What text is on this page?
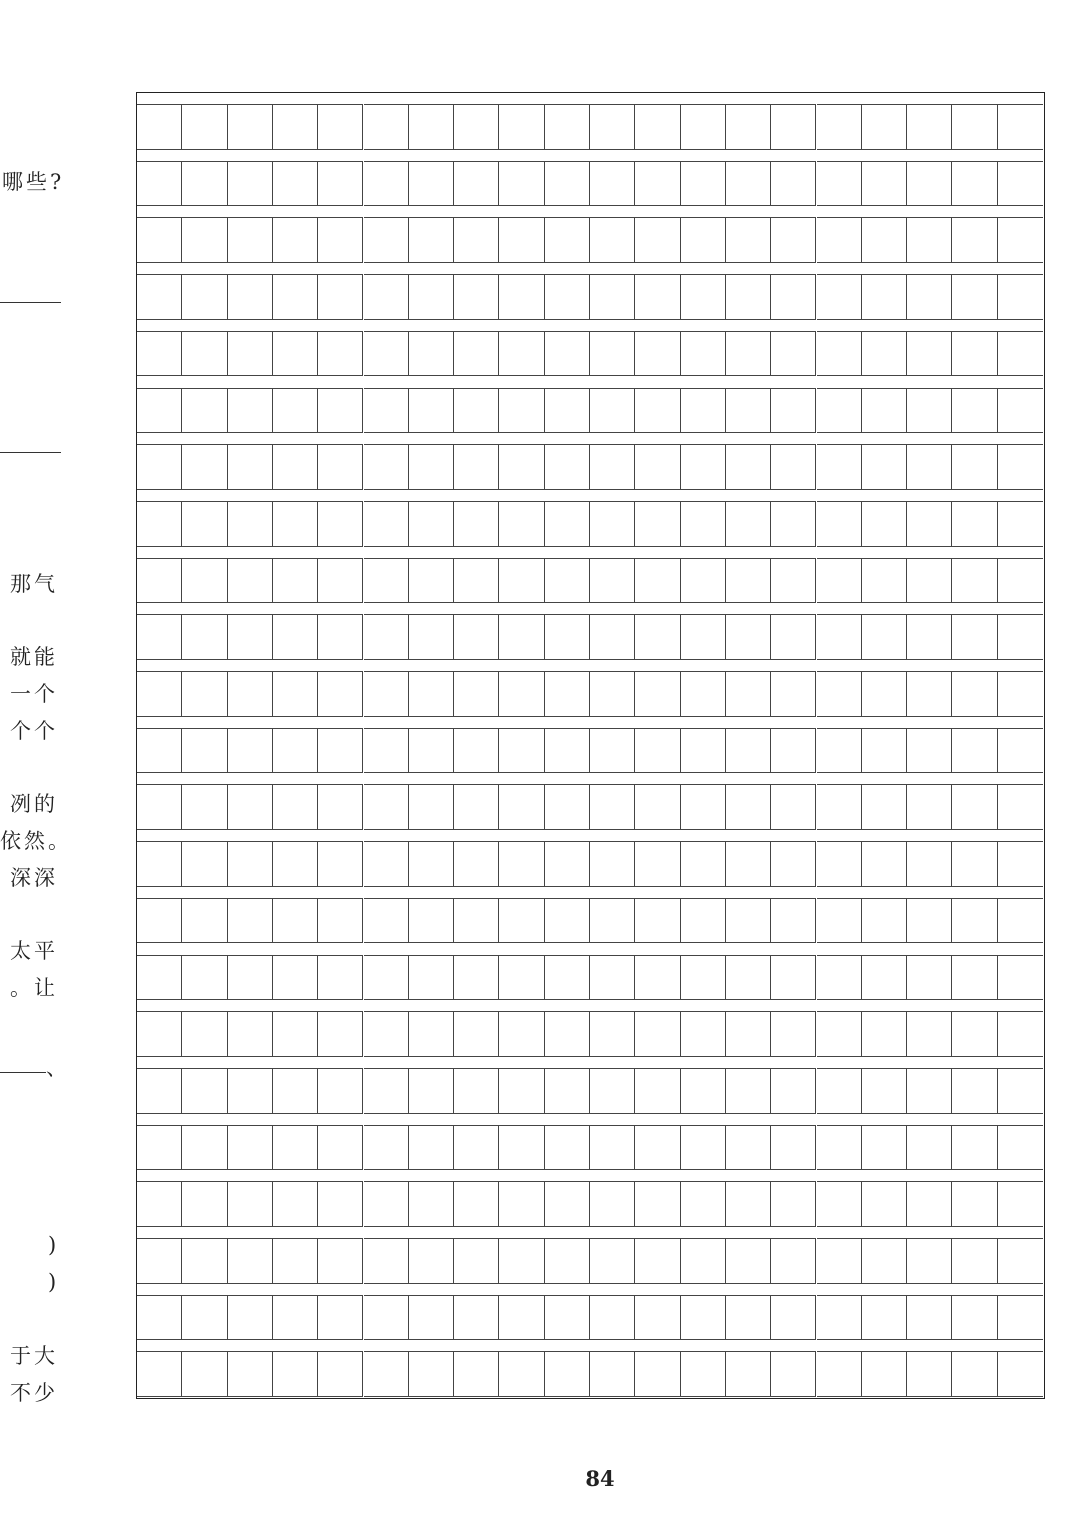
哪些?
那气
就能
一个
个个
冽的
依然。
深深
太平
。让
、
)
)
于大
不少
84
